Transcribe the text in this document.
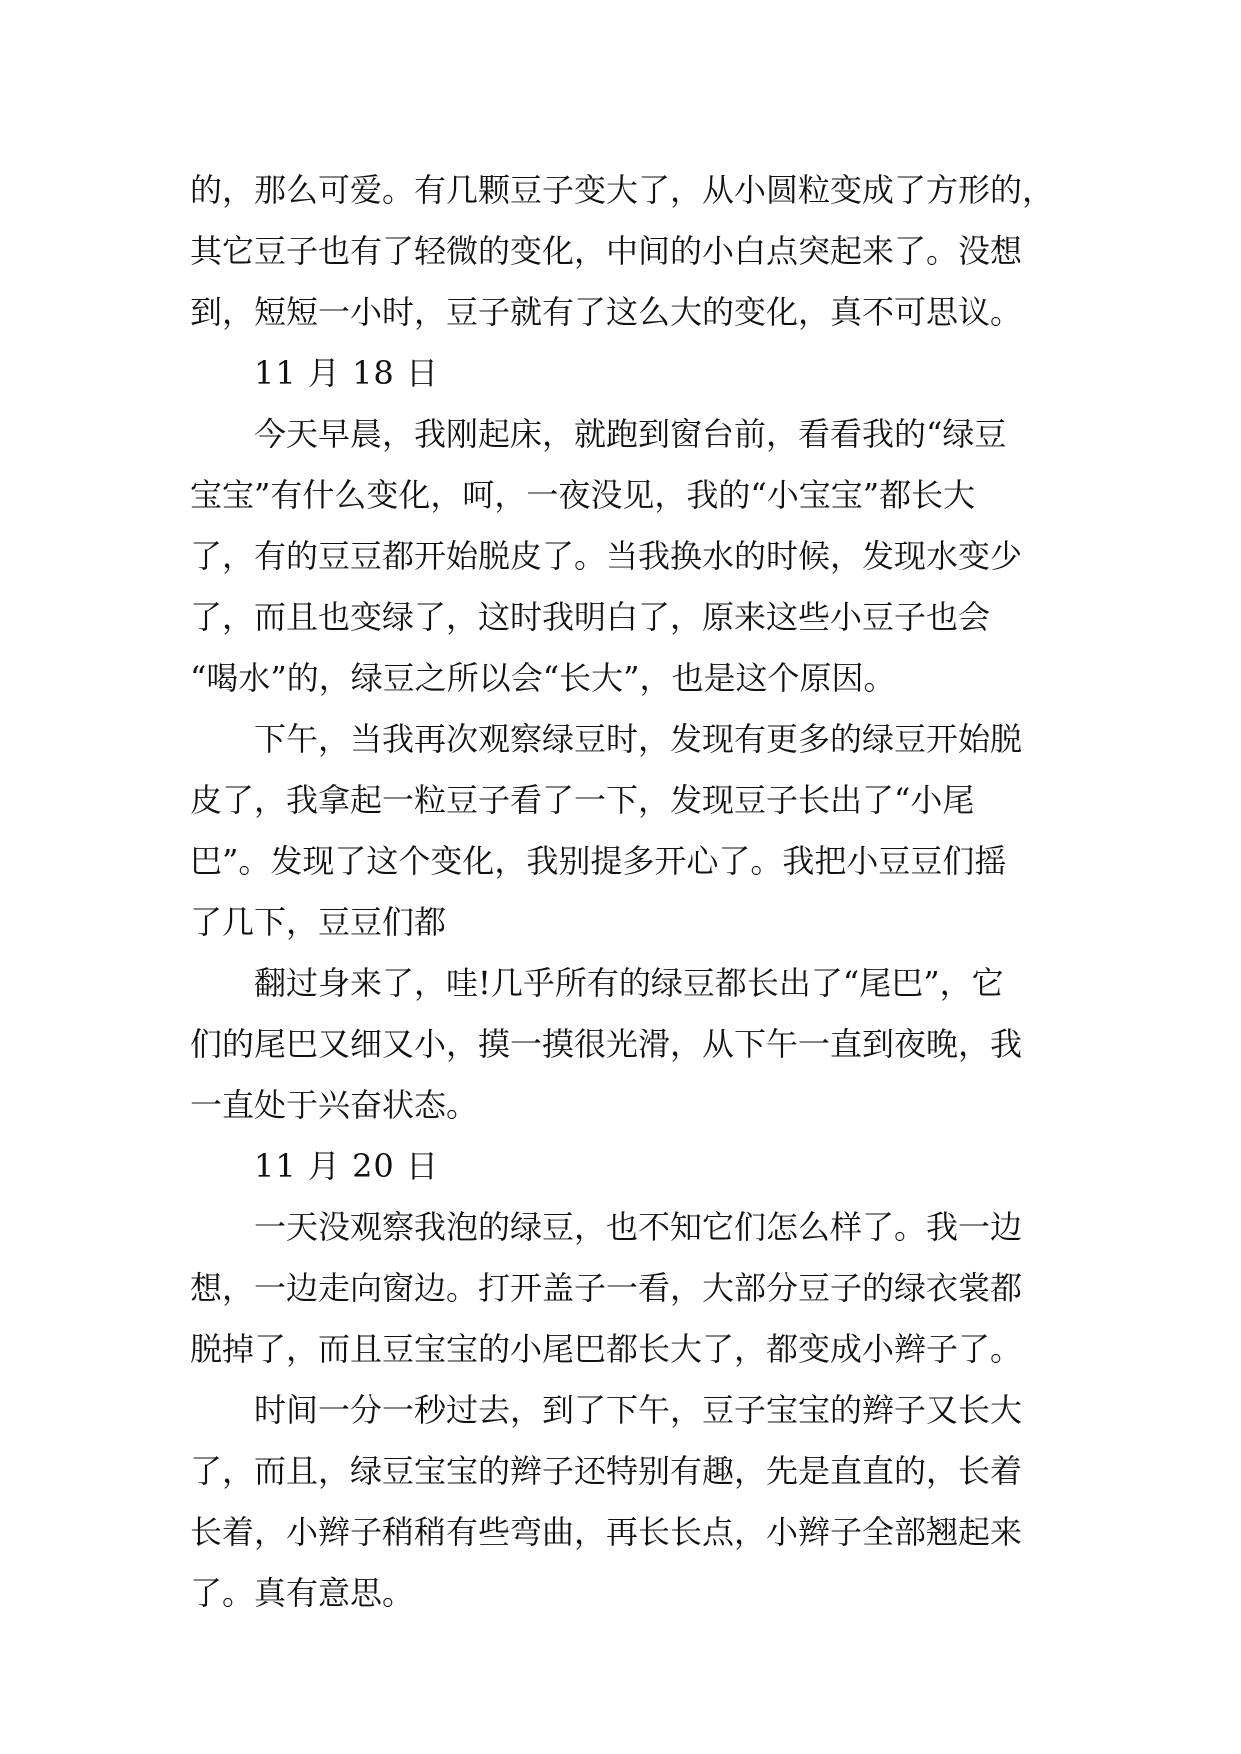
的，那么可爱。有几颗豆子变大了，从小圆粒变成了方形的，
其它豆子也有了轻微的变化，中间的小白点突起来了。没想
到，短短一小时，豆子就有了这么大的变化，真不可思议。
11 月 18 日
今天早晨，我刚起床，就跑到窗台前，看看我的“绿豆
宝宝”有什么变化，呵，一夜没见，我的“小宝宝”都长大
了，有的豆豆都开始脱皮了。当我换水的时候，发现水变少
了，而且也变绿了，这时我明白了，原来这些小豆子也会
“喝水”的，绿豆之所以会“长大”，也是这个原因。
下午，当我再次观察绿豆时，发现有更多的绿豆开始脱
皮了，我拿起一粒豆子看了一下，发现豆子长出了“小尾
巴”。发现了这个变化，我别提多开心了。我把小豆豆们摇
了几下，豆豆们都
翻过身来了，哇!几乎所有的绿豆都长出了“尾巴”，它
们的尾巴又细又小，摸一摸很光滑，从下午一直到夜晚，我
一直处于兴奋状态。
11 月 20 日
一天没观察我泡的绿豆，也不知它们怎么样了。我一边
想，一边走向窗边。打开盖子一看，大部分豆子的绿衣裳都
脱掉了，而且豆宝宝的小尾巴都长大了，都变成小辫子了。
时间一分一秒过去，到了下午，豆子宝宝的辫子又长大
了，而且，绿豆宝宝的辫子还特别有趣，先是直直的，长着
长着，小辫子稍稍有些弯曲，再长长点，小辫子全部翘起来
了。真有意思。
